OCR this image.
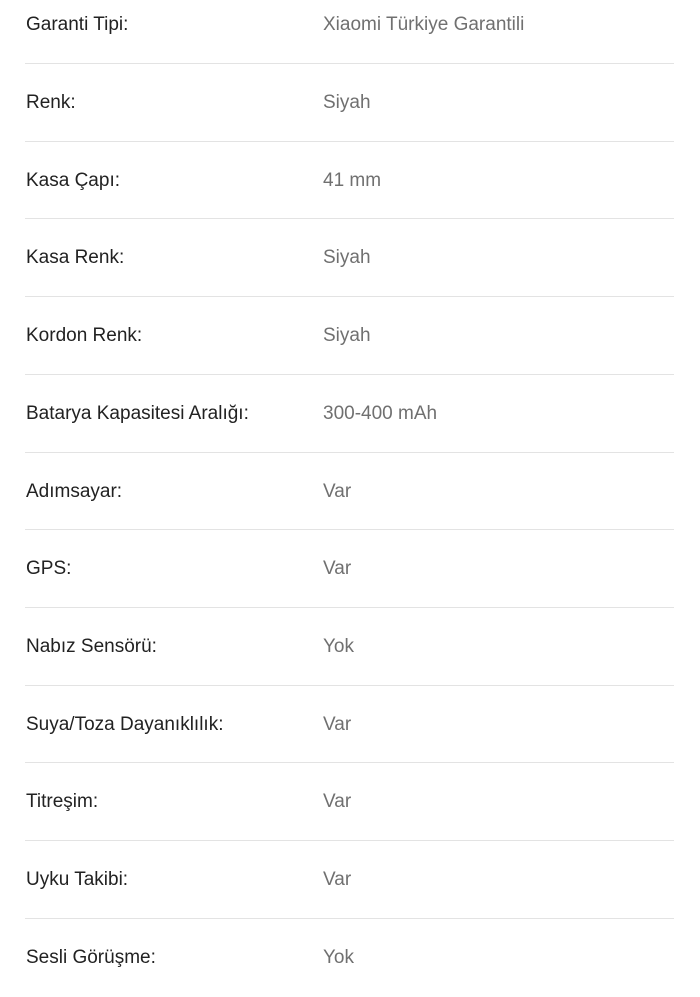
Garanti Tipi:	Xiaomi Türkiye Garantili
Renk:	Siyah
Kasa Çapı:	41 mm
Kasa Renk:	Siyah
Kordon Renk:	Siyah
Batarya Kapasitesi Aralığı:	300-400 mAh
Adımsayar:	Var
GPS:	Var
Nabız Sensörü:	Yok
Suya/Toza Dayanıklılık:	Var
Titreşim:	Var
Uyku Takibi:	Var
Sesli Görüşme:	Yok
